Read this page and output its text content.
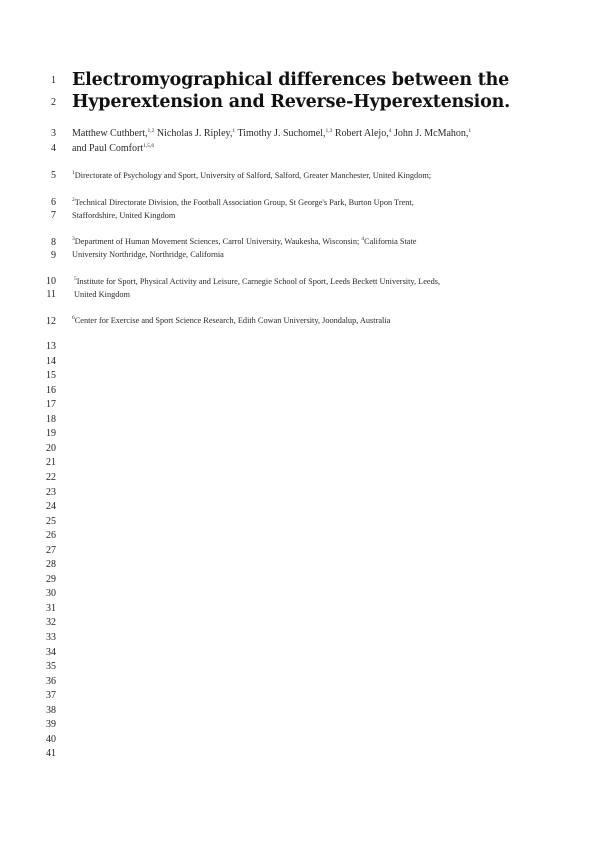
1
2
3
4
5
6
7
8
9
10
11
12
13
14
15
16
17
18
19
20
21
22
23
24
25
26
27
28
29
30
31
32
33
34
35
36
37
38
39
40
41
Electromyographical differences between the
Hyperextension and Reverse-Hyperextension.
Matthew Cuthbert,$^{1,2}$ Nicholas J. Ripley,$^1$ Timothy J. Suchomel,$^{1,3}$ Robert Alejo,$^4$ John J. McMahon,$^1$
and Paul Comfort$^{1,5,6}$
$^1$Directorate of Psychology and Sport, University of Salford, Salford, Greater Manchester, United Kingdom;
$^2$Technical Directorate Division, the Football Association Group, St George's Park, Burton Upon Trent,
Staffordshire, United Kingdom
$^3$Department of Human Movement Sciences, Carrol University, Waukesha, Wisconsin; $^4$California State
University Northridge, Northridge, California
$^5$Institute for Sport, Physical Activity and Leisure, Carnegie School of Sport, Leeds Beckett University, Leeds,
United Kingdom
$^6$Center for Exercise and Sport Science Research, Edith Cowan University, Joondalup, Australia
